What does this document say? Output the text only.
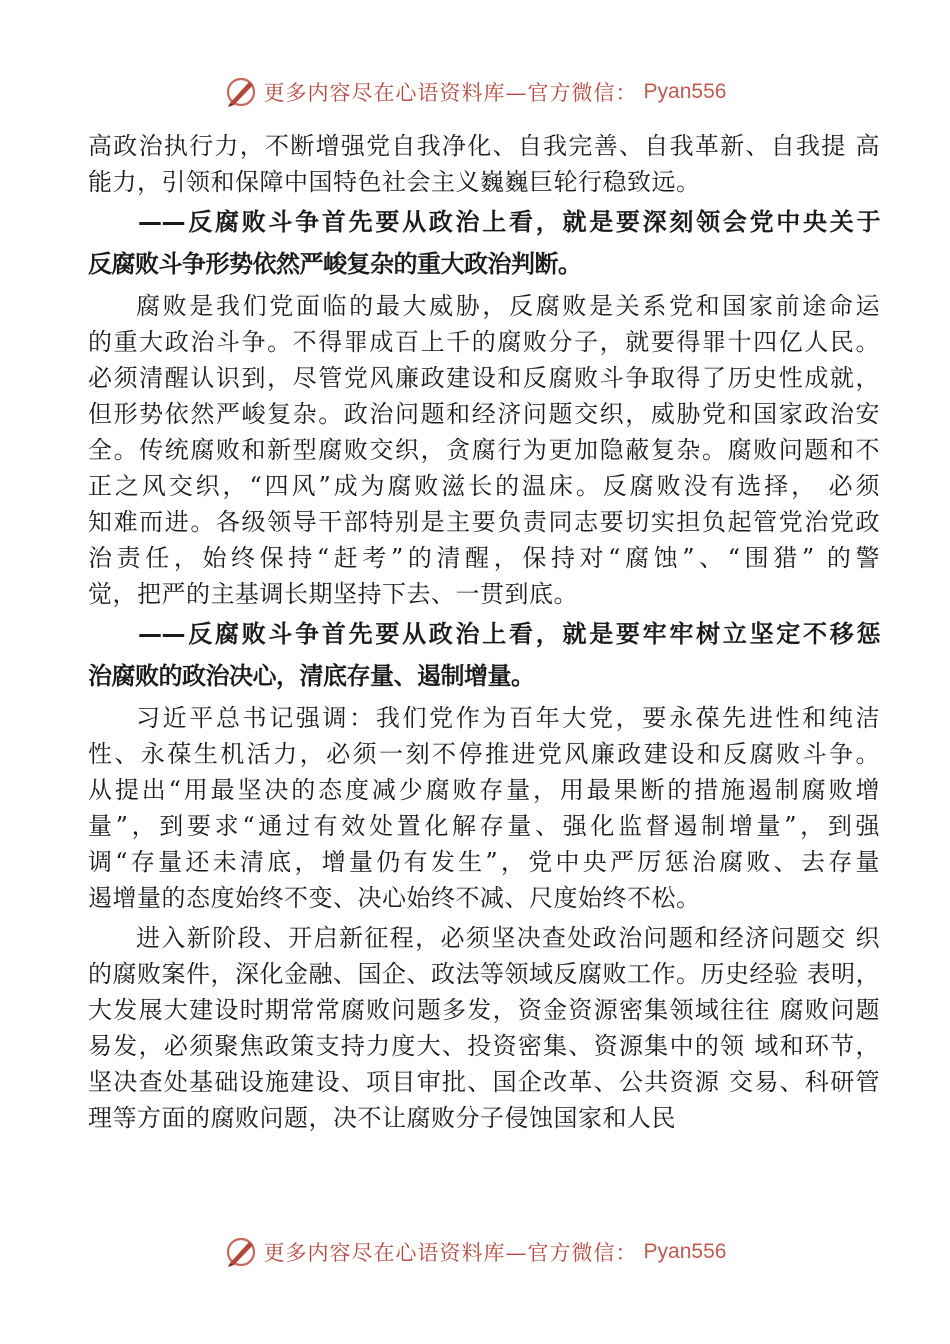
更多内容尽在心语资料库—官方微信： Pyan556
高政治执行力，不断增强党自我净化、自我完善、自我革新、自我提 高
能力，引领和保障中国特色社会主义巍巍巨轮行稳致远。
——反腐败斗争首先要从政治上看，就是要深刻领会党中央关于
反腐败斗争形势依然严峻复杂的重大政治判断。
腐败是我们党面临的最大威胁，反腐败是关系党和国家前途命运
的重大政治斗争。不得罪成百上千的腐败分子，就要得罪十四亿人民。
必须清醒认识到，尽管党风廉政建设和反腐败斗争取得了历史性成就，
但形势依然严峻复杂。政治问题和经济问题交织，威胁党和国家政治安
全。传统腐败和新型腐败交织，贪腐行为更加隐蔽复杂。腐败问题和不
正之风交织，“四风”成为腐败滋长的温床。反腐败没有选择， 必须
知难而进。各级领导干部特别是主要负责同志要切实担负起管党治党政
治责任，始终保持“赶考”的清醒，保持对“腐蚀”、“围猎” 的警
觉，把严的主基调长期坚持下去、一贯到底。
——反腐败斗争首先要从政治上看，就是要牢牢树立坚定不移惩
治腐败的政治决心，清底存量、遏制增量。
习近平总书记强调：我们党作为百年大党，要永葆先进性和纯洁
性、永葆生机活力，必须一刻不停推进党风廉政建设和反腐败斗争。
从提出“用最坚决的态度减少腐败存量，用最果断的措施遏制腐败增
量”，到要求“通过有效处置化解存量、强化监督遏制增量”，到强
调“存量还未清底，增量仍有发生”，党中央严厉惩治腐败、去存量
遏增量的态度始终不变、决心始终不减、尺度始终不松。
进入新阶段、开启新征程，必须坚决查处政治问题和经济问题交 织
的腐败案件，深化金融、国企、政法等领域反腐败工作。历史经验 表明，
大发展大建设时期常常腐败问题多发，资金资源密集领域往往 腐败问题
易发，必须聚焦政策支持力度大、投资密集、资源集中的领 域和环节，
坚决查处基础设施建设、项目审批、国企改革、公共资源 交易、科研管
理等方面的腐败问题，决不让腐败分子侵蚀国家和人民
更多内容尽在心语资料库—官方微信： Pyan556
